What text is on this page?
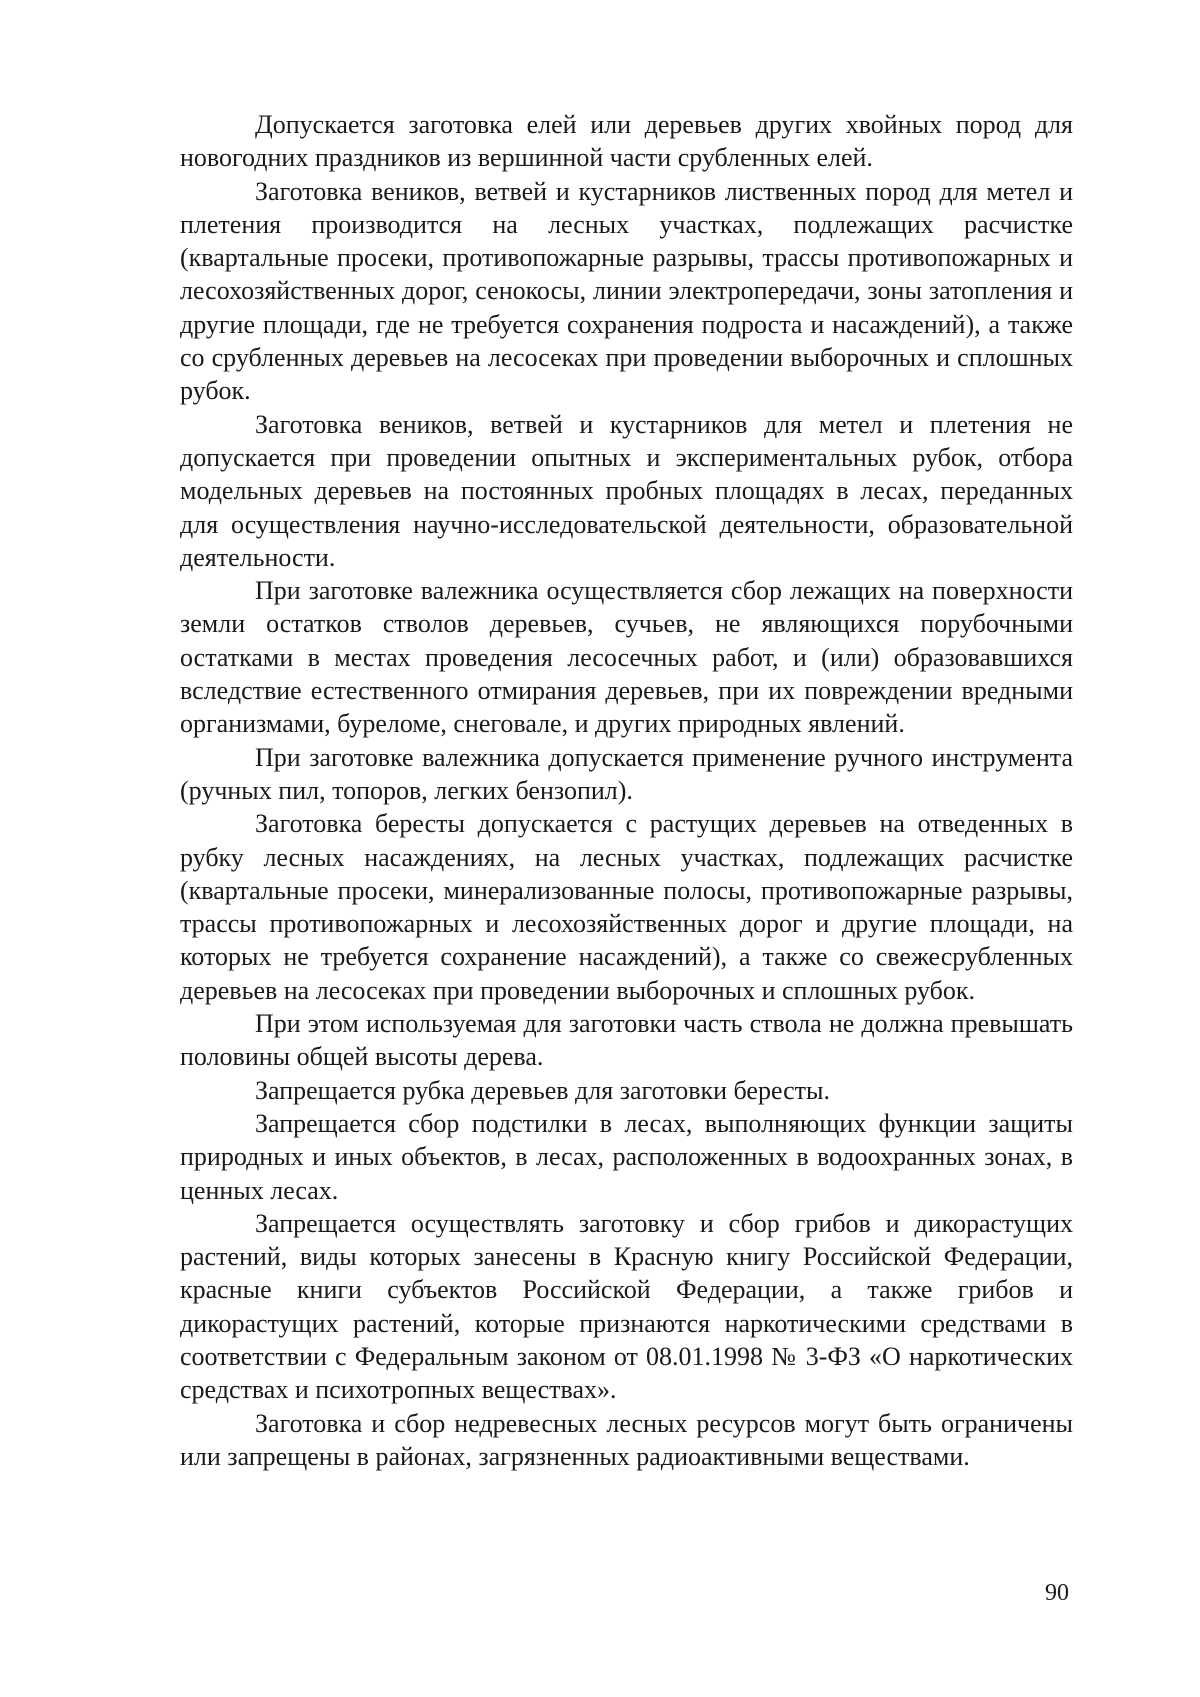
Допускается заготовка елей или деревьев других хвойных пород для новогодних праздников из вершинной части срубленных елей.

Заготовка веников, ветвей и кустарников лиственных пород для метел и плетения производится на лесных участках, подлежащих расчистке (квартальные просеки, противопожарные разрывы, трассы противопожарных и лесохозяйственных дорог, сенокосы, линии электропередачи, зоны затопления и другие площади, где не требуется сохранения подроста и насаждений), а также со срубленных деревьев на лесосеках при проведении выборочных и сплошных рубок.

Заготовка веников, ветвей и кустарников для метел и плетения не допускается при проведении опытных и экспериментальных рубок, отбора модельных деревьев на постоянных пробных площадях в лесах, переданных для осуществления научно-исследовательской деятельности, образовательной деятельности.

При заготовке валежника осуществляется сбор лежащих на поверхности земли остатков стволов деревьев, сучьев, не являющихся порубочными остатками в местах проведения лесосечных работ, и (или) образовавшихся вследствие естественного отмирания деревьев, при их повреждении вредными организмами, буреломе, снеговале, и других природных явлений.

При заготовке валежника допускается применение ручного инструмента (ручных пил, топоров, легких бензопил).

Заготовка бересты допускается с растущих деревьев на отведенных в рубку лесных насаждениях, на лесных участках, подлежащих расчистке (квартальные просеки, минерализованные полосы, противопожарные разрывы, трассы противопожарных и лесохозяйственных дорог и другие площади, на которых не требуется сохранение насаждений), а также со свежесрубленных деревьев на лесосеках при проведении выборочных и сплошных рубок.

При этом используемая для заготовки часть ствола не должна превышать половины общей высоты дерева.

Запрещается рубка деревьев для заготовки бересты.

Запрещается сбор подстилки в лесах, выполняющих функции защиты природных и иных объектов, в лесах, расположенных в водоохранных зонах, в ценных лесах.

Запрещается осуществлять заготовку и сбор грибов и дикорастущих растений, виды которых занесены в Красную книгу Российской Федерации, красные книги субъектов Российской Федерации, а также грибов и дикорастущих растений, которые признаются наркотическими средствами в соответствии с Федеральным законом от 08.01.1998 № 3-ФЗ «О наркотических средствах и психотропных веществах».

Заготовка и сбор недревесных лесных ресурсов могут быть ограничены или запрещены в районах, загрязненных радиоактивными веществами.

90
